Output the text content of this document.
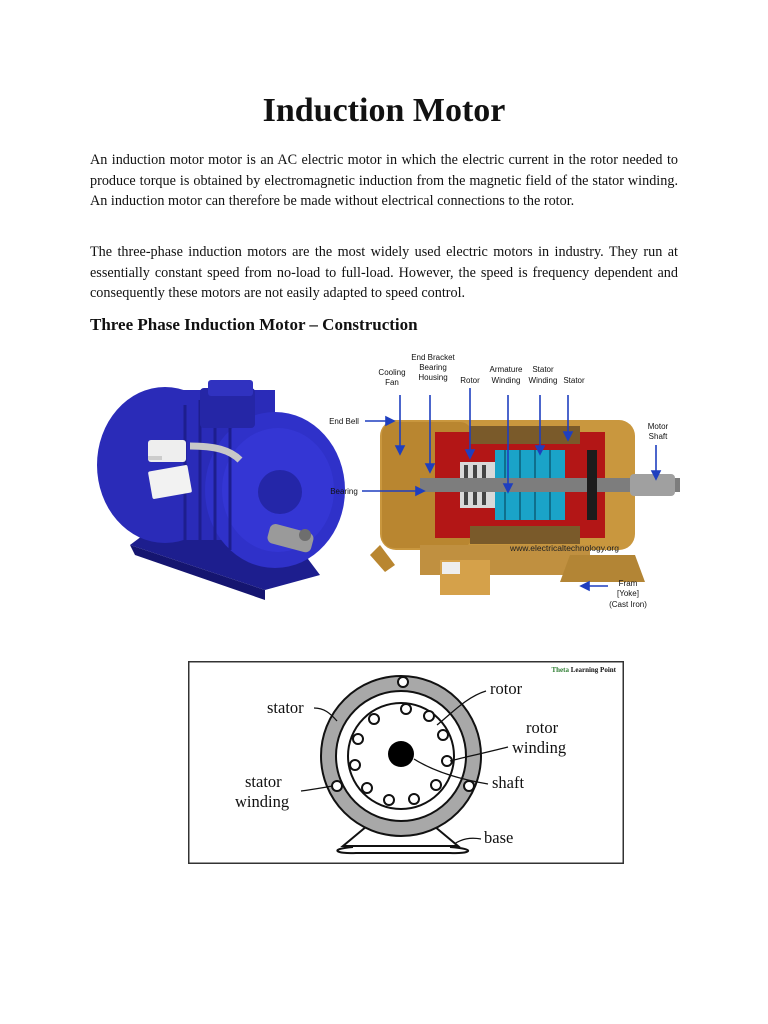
Induction Motor

An induction motor motor is an AC electric motor in which the electric current in the rotor needed to produce torque is obtained by electromagnetic induction from the magnetic field of the stator winding. An induction motor can therefore be made without electrical connections to the rotor.

The three-phase induction motors are the most widely used electric motors in industry. They run at essentially constant speed from no-load to full-load. However, the speed is frequency dependent and consequently these motors are not easily adapted to speed control.

Three Phase Induction Motor – Construction
www.electricaltechnology.org
End Bracket
Bearing
Housing
Cooling
Fan	Rotor
Armature
Winding
Stator
Winding Stator
End Bell
Motor
Shaft
Bearing
Fram
[Yoke]
(Cast Iron)
Theta Learning Point
stator
rotor
rotor
winding
shaft
stator
winding
base
